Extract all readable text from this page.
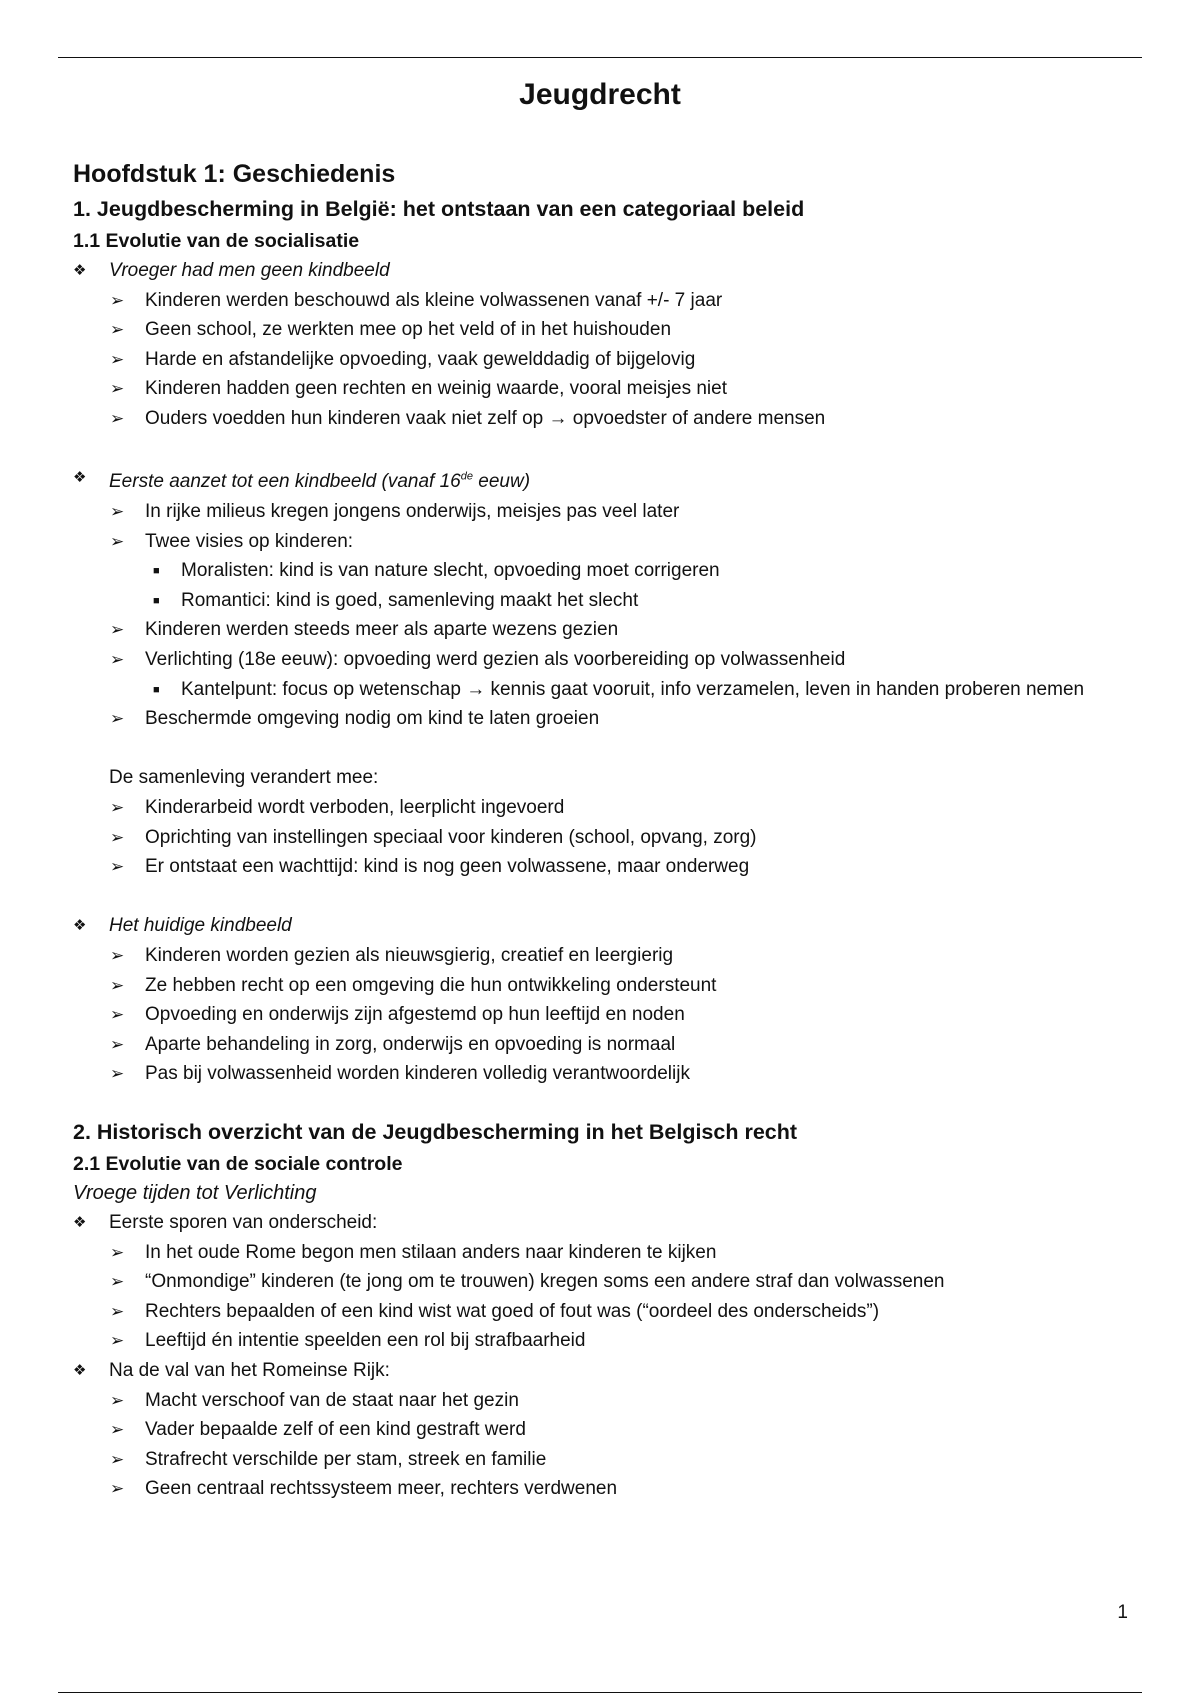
Jeugdrecht
Hoofdstuk 1: Geschiedenis
1. Jeugdbescherming in België: het ontstaan van een categoriaal beleid
1.1 Evolutie van de socialisatie
❖ Vroeger had men geen kindbeeld
➢ Kinderen werden beschouwd als kleine volwassenen vanaf +/- 7 jaar
➢ Geen school, ze werkten mee op het veld of in het huishouden
➢ Harde en afstandelijke opvoeding, vaak gewelddadig of bijgelovig
➢ Kinderen hadden geen rechten en weinig waarde, vooral meisjes niet
➢ Ouders voedden hun kinderen vaak niet zelf op → opvoedster of andere mensen
❖ Eerste aanzet tot een kindbeeld (vanaf 16de eeuw)
➢ In rijke milieus kregen jongens onderwijs, meisjes pas veel later
➢ Twee visies op kinderen:
■ Moralisten: kind is van nature slecht, opvoeding moet corrigeren
■ Romantici: kind is goed, samenleving maakt het slecht
➢ Kinderen werden steeds meer als aparte wezens gezien
➢ Verlichting (18e eeuw): opvoeding werd gezien als voorbereiding op volwassenheid
■ Kantelpunt: focus op wetenschap → kennis gaat vooruit, info verzamelen, leven in handen proberen nemen
➢ Beschermde omgeving nodig om kind te laten groeien

De samenleving verandert mee:

➢ Kinderarbeid wordt verboden, leerplicht ingevoerd
➢ Oprichting van instellingen speciaal voor kinderen (school, opvang, zorg)
➢ Er ontstaat een wachttijd: kind is nog geen volwassene, maar onderweg
❖ Het huidige kindbeeld
➢ Kinderen worden gezien als nieuwsgierig, creatief en leergierig
➢ Ze hebben recht op een omgeving die hun ontwikkeling ondersteunt
➢ Opvoeding en onderwijs zijn afgestemd op hun leeftijd en noden
➢ Aparte behandeling in zorg, onderwijs en opvoeding is normaal
➢ Pas bij volwassenheid worden kinderen volledig verantwoordelijk
2. Historisch overzicht van de Jeugdbescherming in het Belgisch recht
2.1 Evolutie van de sociale controle

Vroege tijden tot Verlichting

❖ Eerste sporen van onderscheid:
➢ In het oude Rome begon men stilaan anders naar kinderen te kijken
➢ “Onmondige” kinderen (te jong om te trouwen) kregen soms een andere straf dan volwassenen
➢ Rechters bepaalden of een kind wist wat goed of fout was (“oordeel des onderscheids”)
➢ Leeftijd én intentie speelden een rol bij strafbaarheid
❖ Na de val van het Romeinse Rijk:
➢ Macht verschoof van de staat naar het gezin
➢ Vader bepaalde zelf of een kind gestraft werd
➢ Strafrecht verschilde per stam, streek en familie
➢ Geen centraal rechtssysteem meer, rechters verdwenen
1
